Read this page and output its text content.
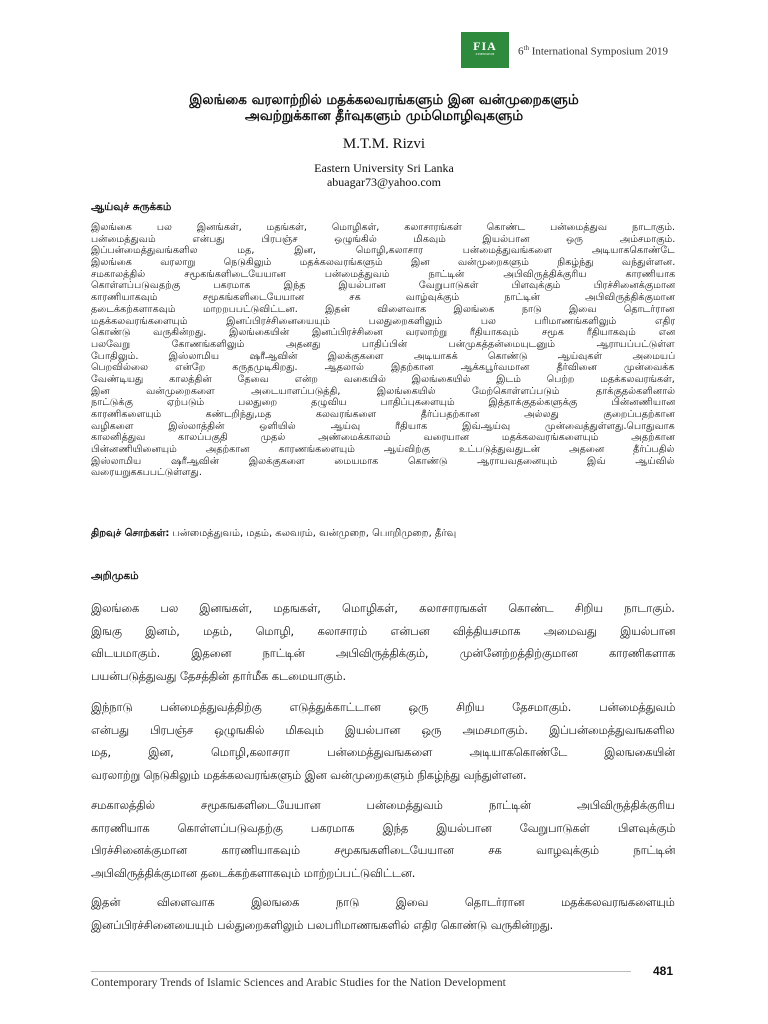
FIA
SYMPOSIUM	6th International Symposium 2019
இலங்கை வரலாற்றில் மதக்கலவரங்களும் இன வன்முறைகளும்
அவற்றுக்கான தீர்வுகளும் மும்மொழிவுகளும்
M.T.M. Rizvi
Eastern University Sri Lanka
abuagar73@yahoo.com
ஆய்வுச் சுருக்கம்
இலங்கை பல இனங்கள், மதங்கள், மொழிகள், கலாசாரங்கள் கொண்ட பன்மைத்துவ நாடாகும்.
பன்மைத்துவம் என்பது பிரபஞ்ச ஒழுங்கில் மிகவும் இயல்பான ஒரு அம்சமாகும்.
இப்பன்மைத்துவங்களில மத, இன, மொழி,கலாசார பன்மைத்துவங்களை அடியாககொண்டே
இலங்கை வரலாறு நெடுகிலும் மதக்கலவரங்களும் இன வன்முறைகளும் நிகழ்ந்து வந்துள்ளன.
சமகாலத்தில் சமூகங்களிடையேயான பன்மைத்துவம் நாட்டின் அபிவிருத்திக்குரிய காரணியாக
கொள்ளப்படுவதற்கு பகரமாக இந்த இயல்பான வேறுபாடுகள் பிளவுக்கும் பிரச்சினைக்குமான
காரணியாகவும் சமூகங்களிடையேயான சக வாழ்வுக்கும் நாட்டின் அபிவிருத்திக்குமான
தடைக்கற்களாகவும் மாறறபபட்டுவிட்டன. இதன் விளைவாக இலங்கை நாடு இவை தொடர்ரான
மதக்கலவரங்களையும் இனப்பிரச்சினையையும் பலதுறைகளிலும் பல பரிமாணங்களிலும் எதிர
கொண்டு வருகின்றது. இலங்கையின் இனப்பிரச்சினை வரலாற்று ரீதியாகவும் சமூக ரீதியாகவும் என
பலவேறு கோணங்களிலும் அதனது பாதிப்பின் பன்முகத்தன்மையுடனும் ஆராயப்பட்டுள்ள
போதிலும். இஸ்லாமிய ஷரீஆவின் இலக்குகளை அடியாகக் கொண்டு ஆய்வுகள் அமையப்
பெறவில்லை என்றே கருதமுடிகிறது. ஆதலால் இதற்கான ஆக்கபூர்வமான தீர்வினை முன்வைக்க
வேண்டியது காலத்தின் தேவை என்ற வகையில் இலங்கையில் இடம் பெற்ற மதக்கலவரங்கள்,
இன வன்முறைகளை அடையாளப்படுத்தி, இலங்கையில் மேற்கொள்ளப்படும் தாக்குதல்களினால்
நாட்டுக்கு ஏற்படும் பலதுறை தழுவிய பாதிப்புகளையும் இத்தாக்குதல்களுக்கு பின்னணியான
காரணிகளையும் கண்டறிந்து,மத கலவரங்களை தீர்ப்பதற்கான அல்லது குறைப்பதற்கான
வழிகளை இஸ்லாத்தின் ஒளியில் ஆய்வு ரீதியாக இவ்ஆய்வு முன்வைத்துள்ளது.பொதுவாக
காலனித்துவ காலப்பகுதி முதல் அண்மைக்காலம் வரையான மதக்கலவரங்களையும் அதற்கான
பின்னணியினையும் அதற்கான காரணங்களையும் ஆய்விற்கு உட்படுத்துவதுடன் அதனை தீர்ப்பதில்
இஸ்லாமிய ஷரீஆவின் இலக்குகளை மையமாக கொண்டு ஆராயவதனையும் இவ் ஆய்வில்
வரையறுககபபட்டுள்ளது.
திறவுச் சொற்கள்: பன்மைத்துவம், மதம், கலவரம், வன்முறை, பொறிமுறை, தீர்வு
அறிமுகம்
இலங்கை பல இனஙகள், மதஙகள், மொழிகள், கலாசாரஙகள் கொண்ட சிறிய நாடாகும்.
இஙகு இனம், மதம், மொழி, கலாசாரம் என்பன வித்தியசமாக அமைவது இயல்பான
விடயமாகும். இதனை நாட்டின் அபிவிருத்திக்கும், முன்னேற்றத்திற்குமான காரணிகளாக
பயன்படுத்துவது தேசத்தின் தார்மீக கடமையாகும்.
இந்நாடு பன்மைத்துவத்திற்கு எடுத்துக்காட்டான ஒரு சிறிய தேசமாகும். பன்மைத்துவம்
என்பது பிரபஞ்ச ஒழுஙகில் மிகவும் இயல்பான ஒரு அமசமாகும். இப்பன்மைத்துவஙகளில
மத, இன, மொழி,கலாசரா பன்மைத்துவஙகளை அடியாககொண்டே இலஙகையின்
வரலாற்று நெடுகிலும் மதக்கலவரங்களும் இன வன்முறைகளும் நிகழ்ந்து வந்துள்ளன.
சமகாலத்தில் சமூகஙகளிடையேயான பன்மைத்துவம் நாட்டின் அபிவிருத்திக்குரிய
காரணியாக கொள்ளப்படுவதற்கு பகரமாக இந்த இயல்பான வேறுபாடுகள் பிளவுக்கும்
பிரச்சினைக்குமான காரணியாகவும் சமூகஙகளிடையேயான சக வாழவுக்கும் நாட்டின்
அபிவிருத்திக்குமான தடைக்கற்களாகவும் மாற்றப்பட்டுவிட்டன.
இதன் விளைவாக இலஙகை நாடு இவை தொடர்ரான மதக்கலவரஙகளையும்
இனப்பிரச்சினையையும் பல்துறைகளிலும் பலபரிமாணஙகளில் எதிர கொண்டு வருகின்றது.
481
Contemporary Trends of Islamic Sciences and Arabic Studies for the Nation Development
